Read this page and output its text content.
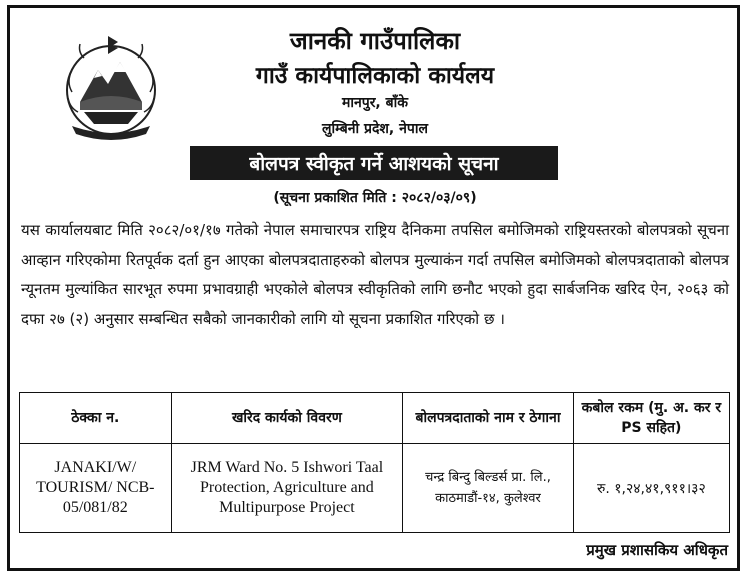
जानकी गाउँपालिका
गाउँ कार्यपालिकाको कार्यलय
मानपुर, बाँके
लुम्बिनी प्रदेश, नेपाल
बोलपत्र स्वीकृत गर्ने आशयको सूचना
(सूचना प्रकाशित मिति : २०८२/०३/०९)
यस कार्यालयबाट मिति २०८२/०१/१७ गतेको नेपाल समाचारपत्र राष्ट्रिय दैनिकमा तपसिल बमोजिमको राष्ट्रियस्तरको बोलपत्रको सूचना आव्हान गरिएकोमा रितपूर्वक दर्ता हुन आएका बोलपत्रदाताहरुको बोलपत्र मुल्याकंन गर्दा तपसिल बमोजिमको बोलपत्रदाताको बोलपत्र न्यूनतम मुल्यांकित सारभूत रुपमा प्रभावग्राही भएकोले बोलपत्र स्वीकृतिको लागि छनौट भएको हुदा सार्बजनिक खरिद ऐन, २०६३ को दफा २७ (२) अनुसार सम्बन्धित सबैको जानकारीको लागि यो सूचना प्रकाशित गरिएको छ ।
ठेक्का न.	खरिद कार्यको विवरण	बोलपत्रदाताको नाम र ठेगाना	कबोल रकम (मु. अ. कर र PS सहित)
JANAKI/W/ TOURISM/ NCB-05/081/82	JRM Ward No. 5 Ishwori Taal Protection, Agriculture and Multipurpose Project	चन्द्र बिन्दु बिल्डर्स प्रा. लि., काठमाडौं-१४, कुलेश्वर	रु. १,२४,४१,९११।३२
प्रमुख प्रशासकिय अधिकृत
